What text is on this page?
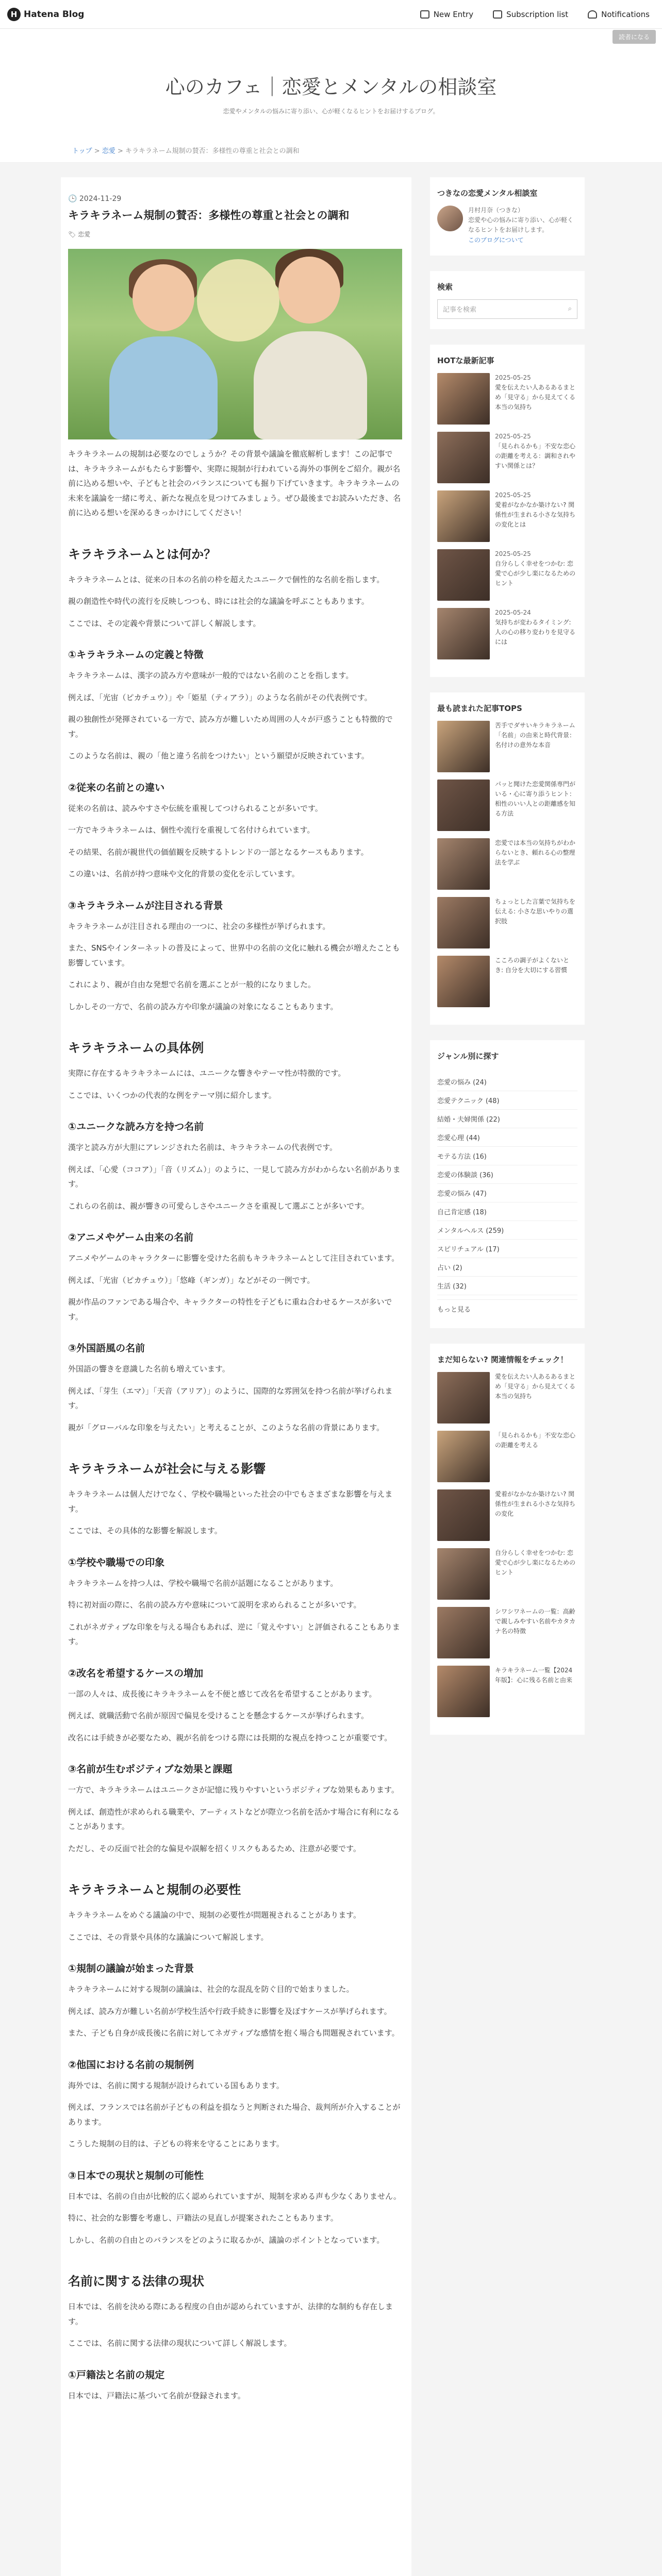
H Hatena Blog	New Entry	Subscription list	Notifications
読者になる
心のカフェ｜恋愛とメンタルの相談室

恋愛やメンタルの悩みに寄り添い、心が軽くなるヒントをお届けするブログ。

トップ > 恋愛 > キラキラネーム規制の賛否：多様性の尊重と社会との調和
🕒 2024-11-29
キラキラネーム規制の賛否：多様性の尊重と社会との調和
🏷 恋愛

キラキラネームの規制は必要なのでしょうか？その背景や議論を徹底解析します！この記事では、キラキラネームがもたらす影響や、実際に規制が行われている海外の事例をご紹介。親が名前に込める想いや、子どもと社会のバランスについても掘り下げていきます。キラキラネームの未来を議論を一緒に考え、新たな視点を見つけてみましょう。ぜひ最後までお読みいただき、名前に込める想いを深めるきっかけにしてください！

キラキラネームとは何か？

キラキラネームとは、従来の日本の名前の枠を超えたユニークで個性的な名前を指します。

親の創造性や時代の流行を反映しつつも、時には社会的な議論を呼ぶこともあります。

ここでは、その定義や背景について詳しく解説します。

①キラキラネームの定義と特徴

キラキラネームは、漢字の読み方や意味が一般的ではない名前のことを指します。

例えば、「光宙（ピカチュウ）」や「姫星（ティアラ）」のような名前がその代表例です。

親の独創性が発揮されている一方で、読み方が難しいため周囲の人々が戸惑うことも特徴的です。

このような名前は、親の「他と違う名前をつけたい」という願望が反映されています。

②従来の名前との違い

従来の名前は、読みやすさや伝統を重視してつけられることが多いです。

一方でキラキラネームは、個性や流行を重視して名付けられています。

その結果、名前が親世代の価値観を反映するトレンドの一部となるケースもあります。

この違いは、名前が持つ意味や文化的背景の変化を示しています。

③キラキラネームが注目される背景

キラキラネームが注目される理由の一つに、社会の多様性が挙げられます。

また、SNSやインターネットの普及によって、世界中の名前の文化に触れる機会が増えたことも影響しています。

これにより、親が自由な発想で名前を選ぶことが一般的になりました。

しかしその一方で、名前の読み方や印象が議論の対象になることもあります。

キラキラネームの具体例

実際に存在するキラキラネームには、ユニークな響きやテーマ性が特徴的です。

ここでは、いくつかの代表的な例をテーマ別に紹介します。

①ユニークな読み方を持つ名前

漢字と読み方が大胆にアレンジされた名前は、キラキラネームの代表例です。

例えば、「心愛（ココア）」「音（リズム）」のように、一見して読み方がわからない名前があります。

これらの名前は、親が響きの可愛らしさやユニークさを重視して選ぶことが多いです。

②アニメやゲーム由来の名前

アニメやゲームのキャラクターに影響を受けた名前もキラキラネームとして注目されています。

例えば、「光宙（ピカチュウ）」「悠峰（ギンガ）」などがその一例です。

親が作品のファンである場合や、キャラクターの特性を子どもに重ね合わせるケースが多いです。

③外国語風の名前

外国語の響きを意識した名前も増えています。

例えば、「芽生（エマ）」「天音（アリア）」のように、国際的な雰囲気を持つ名前が挙げられます。

親が「グローバルな印象を与えたい」と考えることが、このような名前の背景にあります。

キラキラネームが社会に与える影響

キラキラネームは個人だけでなく、学校や職場といった社会の中でもさまざまな影響を与えます。

ここでは、その具体的な影響を解説します。

①学校や職場での印象

キラキラネームを持つ人は、学校や職場で名前が話題になることがあります。

特に初対面の際に、名前の読み方や意味について説明を求められることが多いです。

これがネガティブな印象を与える場合もあれば、逆に「覚えやすい」と評価されることもあります。

②改名を希望するケースの増加

一部の人々は、成長後にキラキラネームを不便と感じて改名を希望することがあります。

例えば、就職活動で名前が原因で偏見を受けることを懸念するケースが挙げられます。

改名には手続きが必要なため、親が名前をつける際には長期的な視点を持つことが重要です。

③名前が生むポジティブな効果と課題

一方で、キラキラネームはユニークさが記憶に残りやすいというポジティブな効果もあります。

例えば、創造性が求められる職業や、アーティストなどが際立つ名前を活かす場合に有利になることがあります。

ただし、その反面で社会的な偏見や誤解を招くリスクもあるため、注意が必要です。

キラキラネームと規制の必要性

キラキラネームをめぐる議論の中で、規制の必要性が問題視されることがあります。

ここでは、その背景や具体的な議論について解説します。

①規制の議論が始まった背景

キラキラネームに対する規制の議論は、社会的な混乱を防ぐ目的で始まりました。

例えば、読み方が難しい名前が学校生活や行政手続きに影響を及ぼすケースが挙げられます。

また、子ども自身が成長後に名前に対してネガティブな感情を抱く場合も問題視されています。

②他国における名前の規制例

海外では、名前に関する規制が設けられている国もあります。

例えば、フランスでは名前が子どもの利益を損なうと判断された場合、裁判所が介入することがあります。

こうした規制の目的は、子どもの将来を守ることにあります。

③日本での現状と規制の可能性

日本では、名前の自由が比較的広く認められていますが、規制を求める声も少なくありません。

特に、社会的な影響を考慮し、戸籍法の見直しが提案されたこともあります。

しかし、名前の自由とのバランスをどのように取るかが、議論のポイントとなっています。

名前に関する法律の現状

日本では、名前を決める際にある程度の自由が認められていますが、法律的な制約も存在します。

ここでは、名前に関する法律の現状について詳しく解説します。

①戸籍法と名前の規定

日本では、戸籍法に基づいて名前が登録されます。

つきなの恋愛メンタル相談室
月村月奈（つきな）
恋愛や心の悩みに寄り添い、心が軽くなるヒントをお届けします。
このブログについて
検索
記事を検索	⌕
HOTな最新記事
2025-05-25
愛を伝えたい人あるあるまとめ「見守る」から見えてくる本当の気持ち
2025-05-25
「見られるかも」不安な恋心の距離を考える：調和されやすい関係とは？
2025-05-25
愛着がなかなか築けない? 関係性が生まれる小さな気持ちの変化とは
2025-05-25
自分らしく幸せをつかむ: 恋愛で心が少し楽になるためのヒント
2025-05-24
気持ちが変わるタイミング: 人の心の移り変わりを見守るには
最も読まれた記事TOPS
苦手でダサいキラキラネーム「名前」の由来と時代背景：名付けの意外な本音
パッと聞けた恋愛関係専門がいる・心に寄り添うヒント：相性のいい人との距離感を知る方法
恋愛では本当の気持ちがわからないとき、頼れる心の整理法を学ぶ
ちょっとした言葉で気持ちを伝える: 小さな思いやりの選択肢
こころの調子がよくないとき: 自分を大切にする習慣
ジャンル別に探す
恋愛の悩み (24)
恋愛テクニック (48)
結婚・夫婦関係 (22)
恋愛心理 (44)
モテる方法 (16)
恋愛の体験談 (36)
恋愛の悩み (47)
自己肯定感 (18)
メンタルヘルス (259)
スピリチュアル (17)
占い (2)
生活 (32)
もっと見る
まだ知らない? 関連情報をチェック！
愛を伝えたい人あるあるまとめ「見守る」から見えてくる本当の気持ち
「見られるかも」不安な恋心の距離を考える
愛着がなかなか築けない? 関係性が生まれる小さな気持ちの変化
自分らしく幸せをつかむ: 恋愛で心が少し楽になるためのヒント
シワシワネームの一覧：高齢で親しみやすい名前やカタカナ名の特徴
キラキラネーム一覧【2024年版】：心に残る名前と由来
